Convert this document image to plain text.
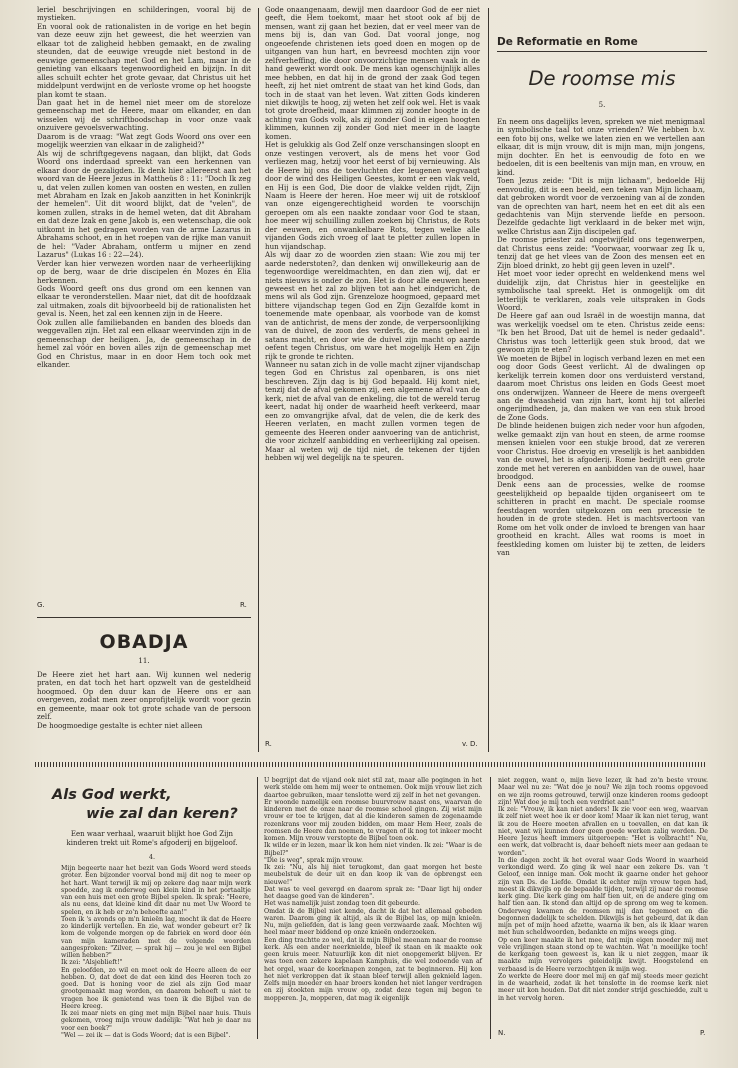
leriel beschrijvingen en schilderingen, vooral bij de mystieken.

En vooral ook de rationalisten in de vorige en het begin van deze eeuw zijn het geweest, die het weerzien van elkaar tot de zaligheid hebben gemaakt, en de zwaling steunden, dat de eeuwige vreugde niet bestond in de eeuwige gemeenschap met God en het Lam, maar in de genieting van elkaars tegenwoordigheid en bijzijn. In dit alles schuilt echter het grote gevaar, dat Christus uit het middelpunt verdwijnt en de verloste vrome op het hoogste plan komt te staan.

Dan gaat het in de hemel niet meer om de storeloze gemeenschap met de Heere, maar om elkander, en dan wisselen wij de schriftboodschap in voor onze vaak onzuivere gevoelsverwachting.

Daarom is de vraag: "Wat zegt Gods Woord ons over een mogelijk weerzien van elkaar in de zaligheid?"

Als wij de schriftgegevens nagaan, dan blijkt, dat Gods Woord ons inderdaad spreekt van een herkennen van elkaar door de gezaligden. Ik denk hier allereerst aan het woord van de Heere Jezus in Mattheüs 8 : 11: "Doch Ik zeg u, dat velen zullen komen van oosten en westen, en zullen met Abraham en Izak en Jakob aanzitten in het Koninkrijk der hemelen". Uit dit woord blijkt, dat de "velen", de komen zullen, straks in de hemel weten, dat dit Abraham en dat deze Izak en gene Jakob is, een wetenschap, die ook uitkomt in het gedragen worden van de arme Lazarus in Abrahams schoot, en in het roepen van de rijke man vanuit de hel: "Vader Abraham, ontferm u mijner en zend Lazarus" (Lukas 16 : 22—24).

Verder kan hier verwezen worden naar de verheerlijking op de berg, waar de drie discipelen én Mozes én Elia herkennen.

Gods Woord geeft ons dus grond om een kennen van elkaar te veronderstellen. Maar niet, dat dit de hoofdzaak zal uitmaken, zoals dit bijvoorbeeld bij de rationalisten het geval is. Neen, het zal een kennen zijn in de Heere.

Ook zullen alle familiebanden en banden des bloeds dan weggevallen zijn. Het zal een elkaar weervinden zijn in de gemeenschap der heiligen. Ja, de gemeenschap in de hemel zal vóór en boven alles zijn de gemeenschap met God en Christus, maar in en door Hem toch ook met elkander.

G.	R.
OBADJA
11.

De Heere ziet het hart aan. Wij kunnen wel nederig praten, en dat toch het hart opzwelt van de gesteldheid hoogmoed. Op den duur kan de Heere ons er aan overgeven, zodat men zeer onprofijtelijk wordt voor gezin en gemeente, maar ook tot grote schade van de persoon zelf.

De hoogmoedige gestalte is echter niet alleen

Gode onaangenaam, dewijl men daardoor God de eer niet geeft, die Hem toekomt, maar het stoot ook af bij de mensen, want zij gaan het bezien, dat er veel meer van de mens bij is, dan van God. Dat vooral jonge, nog ongeoefende christenen iets goed doen en mogen op de uitgangen van hun hart, en bevreesd mochten zijn voor zelfverheffing, die door onvoorzichtige mensen vaak in de hand gewerkt wordt ook. De mens kan ogenschijnlijk alles mee hebben, en dat hij in de grond der zaak God tegen heeft, zij het niet omtrent de staat van het kind Gods, dan toch in de staat van het leven. Wat zitten Gods kinderen niet dikwijls te hoog, zij weten het zelf ook wel. Het is vaak tot grote droefheid, maar klimmen zij zonder hoogte in de achting van Gods volk, als zij zonder God in eigen hoogten klimmen, kunnen zij zonder God niet meer in de laagte komen.

Het is gelukkig als God Zelf onze verschansingen sloopt en onze vestingen verovert, als de mens het voor God verliezen mag, hetzij voor het eerst of bij vernieuwing. Als de Heere bij ons de toevluchten der leugenen wegvaagt door de wind des Heiligen Geestes, komt er een vlak veld, en Hij is een God, Die door de vlakke velden rijdt, Zijn Naam is Heere der heren. Hoe meer wij uit de rotskloof van onze eigengerechtigheid worden te voorschijn geroepen om als een naakte zondaar voor God te staan, hoe meer wij schuilling zullen zoeken bij Christus, de Rots der eeuwen, en onwankelbare Rots, tegen welke alle vijanden Gods zich vroeg of laat te pletter zullen lopen in hun vijandschap.

Als wij daar zo de woorden zien staan: Wie zou mij ter aarde nederstoten?, dan denken wij onwillekeurig aan de tegenwoordige wereldmachten, en dan zien wij, dat er niets nieuws is onder de zon. Het is door alle eeuwen heen geweest en het zal zo blijven tot aan het eindgericht, de mens wil als God zijn. Grenzeloze hoogmoed, gepaard met bittere vijandschap tegen God en Zijn Gezalfde komt in toenemende mate openbaar, als voorbode van de komst van de antichrist, de mens der zonde, de verpersoonlijking van de duivel, de zoon des verderfs, de mens geheel in satans macht, en door wie de duivel zijn macht op aarde oefent tegen Christus, om ware het mogelijk Hem en Zijn rijk te gronde te richten.

Wanneer nu satan zich in de volle macht zijner vijandschap tegen God en Christus zal openbaren, is ons niet beschreven. Zijn dag is bij God bepaald. Hij komt niet, tenzij dat de afval gekomen zij, een algemene afval van de kerk, niet de afval van de enkeling, die tot de wereld terug keert, nadat hij onder de waarheid heeft verkeerd, maar een zo omvangrijke afval, dat de velen, die de kerk des Heeren verlaten, en macht zullen vormen tegen de gemeente des Heeren onder aanvoering van de antichrist, die voor zichzelf aanbidding en verheerlijking zal opeisen. Maar al weten wij de tijd niet, de tekenen der tijden hebben wij wel degelijk na te speuren.

R.	v. D.
De Reformatie en Rome
De roomse mis
5.

En neem ons dagelijks leven, spreken we niet menigmaal in symbolische taal tot onze vrienden? We hebben b.v. een foto bij ons, welke we laten zien en we vertellen aan elkaar, dit is mijn vrouw, dit is mijn man, mijn jongens, mijn dochter. En het is eenvoudig de foto en we bedoelen, dit is een beeltenis van mijn man, en vrouw, en kind.

Toen Jezus zeide: "Dit is mijn lichaam", bedoelde Hij eenvoudig, dit is een beeld, een teken van Mijn lichaam, dat gebroken wordt voor de verzoening van al de zonden van de oprechten van hart, neem het en eet dit als een gedachtenis van Mijn stervende liefde en persoon. Dezelfde gedachte ligt verklaard in de beker met wijn, welke Christus aan Zijn discipelen gaf.

De roomse priester zal ongetwijfeld ons tegenwerpen, dat Christus eens zeide: "Voorwaar, voorwaar zeg Ik u, tenzij dat ge het vlees van de Zoon des mensen eet en Zijn bloed drinkt, zo hebt gij geen leven in uzelf".

Het moet voor ieder oprecht en weldenkend mens wel duidelijk zijn, dat Christus hier in geestelijke en symbolische taal spreekt. Het is onmogelijk om dit letterlijk te verklaren, zoals vele uitspraken in Gods Woord.

De Heere gaf aan oud Israël in de woestijn manna, dat was werkelijk voedsel om te eten. Christus zeide eens: "Ik ben het Brood, Dat uit de hemel is neder gedaald". Christus was toch letterlijk geen stuk brood, dat we gewoon zijn te eten?

We moeten de Bijbel in logisch verband lezen en met een oog door Gods Geest verlicht. Al de dwalingen op kerkelijk terrein komen door ons verduisterd verstand, daarom moet Christus ons leiden en Gods Geest moet ons onderwijzen. Wanneer de Heere de mens overgeeft aan de dwaasheid van zijn hart, komt hij tot allerlei ongerijmdheden, ja, dan maken we van een stuk brood de Zone Gods.

De blinde heidenen buigen zich neder voor hun afgoden, welke gemaakt zijn van hout en steen, de arme roomse mensen knielen voor een stukje brood, dat ze vereren voor Christus. Hoe droevig en vreselijk is het aanbidden van de ouwel, het is afgoderij. Rome bedrijft een grote zonde met het vereren en aanbidden van de ouwel, haar broodgod.

Denk eens aan de processies, welke de roomse geestelijkheid op bepaalde tijden organiseert om te schitteren in pracht en macht. De speciale roomse feestdagen worden uitgekozen om een processie te houden in de grote steden. Het is machtsvertoon van Rome om het volk onder de invloed te brengen van haar grootheid en kracht. Alles wat rooms is moet in feestkleding komen om luister bij te zetten, de leiders van

Als God werkt,
wie zal dan keren?
Een waar verhaal, waaruit blijkt hoe God Zijn kinderen trekt uit Rome's afgoderij en bijgeloof.
4.

Mijn begeerte naar het bezit van Gods Woord werd steeds groter. Een bijzonder voorval bond mij dit nog te meer op het hart. Want terwijl ik mij op zekere dag naar mijn werk spoedde, zag ik onderweg een klein kind in het portaaltje van een huis met een grote Bijbel spelen. Ik sprak: "Heere, als nu eens, dat kleine kind dit daar nu met Uw Woord te spelen, en ik heb er zo'n behoefte aan!"

Toen ik 's avonds op m'n knieën lag, mocht ik dat de Heere zo kinderlijk vertellen. En zie, wat wonder gebeurt er? Ik kom de volgende morgen op de fabriek en word door één van mijn kameraden met de volgende woorden aangesproken: "Zilver, — sprak hij — zou je wel een Bijbel willen hebben?"

Ik zei: "Alsjeblieft!"

En geloofden, zo wil en moet ook de Heere alleen de eer hebben. O, dat doet de dat een kind des Heeren toch zo goed. Dat is honing voor de ziel als zijn God maar grootgemaakt mag worden, en daarom behoeft u niet te vragen hoe ik genietend was toen ik die Bijbel van de Heere kreeg.

Ik zei maar niets en ging met mijn Bijbel naar huis. Thuis gekomen, vroeg mijn vrouw dadelijk: "Wat heb je daar nu voor een boek?"

"Wel — zei ik — dat is Gods Woord; dat is een Bijbel".

U begrijpt dat de vijand ook niet stil zat, maar alle pogingen in het werk stelde om hem mij weer te ontnemen. Ook mijn vrouw liet zich daartoe gebruiken, maar tenslotte werd zij zelf in het net gevangen.

Er woonde namelijk een roomse buurvrouw naast ons, waarvan de kinderen met de onze naar de roomse school gingen. Zij wist mijn vrouw er toe te krijgen, dat al die kinderen samen de zogenaamde rozenkrans voor mij zouden bidden, om maar Hem Heer, zoals de roomsen de Heere dan noemen, te vragen of ik nog tot inkeer mocht komen. Mijn vrouw verstopte de Bijbel toen ook.

Ik wilde er in lezen, maar ik kon hem niet vinden. Ik zei: "Waar is de Bijbel?"

"Die is weg", sprak mijn vrouw.

Ik zei: "Nu, als hij niet terugkomt, dan gaat morgen het beste meubelstuk de deur uit en dan koop ik van de opbrengst een nieuwe!"

Dat was te veel gevergd en daarom sprak ze: "Daar ligt hij onder het daagse goed van de kinderen".

Het was namelijk juist zondag toen dit gebeurde.

Omdat ik de Bijbel niet kende, dacht ik dat het allemaal gebeden waren. Daarom ging ik altijd, als ik de Bijbel las, op mijn knieën. Nu, mijn geliefden, dat is lang geen verzwaarde zaak. Mochten wij heel maar meer biddend op onze knieën onderzoeken.

Een ding trachtte zo wel, dat ik mijn Bijbel meenam naar de roomse kerk. Als een ander neerknielde, bleef ik staan en ik maakte ook geen kruis meer. Natuurlijk kon dit niet onopgemerkt blijven. Er was toen een zekere kapelaan Kamphuis, die wel zodoende van af het orgel, waar de koorknapen zongen, zat te beginneren. Hij kon het niet verkroppen dat ik staan bleef terwijl allen geknield lagen. Zelfs mijn moeder en haar broers konden het niet langer verdragen en zij stookten mijn vrouw op, zodat deze tegen mij begon te mopperen. Ja, mopperen, dat mag ik eigenlijk

niet zeggen, want o, mijn lieve lezer, ik had zo'n beste vrouw. Maar wel nu ze: "Wat doe je nou? We zijn toch rooms opgevoed en we zijn rooms getrouwd, terwijl onze kinderen rooms gedoopt zijn! Wat doe je mij toch een verdriet aan!"

Ik zei: "Vrouw, ik kan niet anders! Ik zie voor een weg, waarvan ik zelf niet weet hoe ik er door kom! Maar ik kan niet terug, want ik zou de Heere moeten afvallen en u toevallen, en dat kan ik niet, want wij kunnen door geen goede werken zalig worden. De Heere Jezus heeft immers uitgeroepen: "Het is volbracht!" Nu, een werk, dat volbracht is, daar behoeft niets meer aan gedaan te worden".

In die dagen zocht ik het overal waar Gods Woord in waarheid verkondigd werd. Zo ging ik wel naar een zekere Ds. van 't Geloof, een innige man. Ook mocht ik gaarne onder het gehoor zijn van Ds. de Liefde. Omdat ik echter mijn vrouw tegen had, moest ik dikwijls op de bepaalde tijden, terwijl zij naar de roomse kerk ging. Die kerk ging om half tien uit, en de andere ging om half tien aan. Ik stond dan altijd op de sprong om weg te komen. Onderweg kwamen de roomsen mij dan tegemoet en die begonnen dadelijk te schelden. Dikwijls is het gebeurd, dat ik dan mijn pet of mijn hoed afzette, waarna ik ben, als ik klaar waren met hun scheldwoorden, bedankte en mijns weegs ging.

Op een keer maakte ik het mee, dat mijn eigen moeder mij met vele vrijlingen staan stond op te wachten. Wat 'n moeilijke toch! de kerkgang toen geweest is, kan ik u niet zeggen, maar ik maakte mijn vervolgers geleidelijk kwijt. Hoogstelend en verbaasd is de Heere verzochtgen ik mijn weg.

Zo werkte de Heere door mel mij en gaf mij steeds meer gezicht in de waarheid, zodat ik het tenslotte in de roomse kerk niet meer uit kon houden. Dat dit niet zonder strijd geschiedde, zult u in het vervolg horen.

N.	P.
